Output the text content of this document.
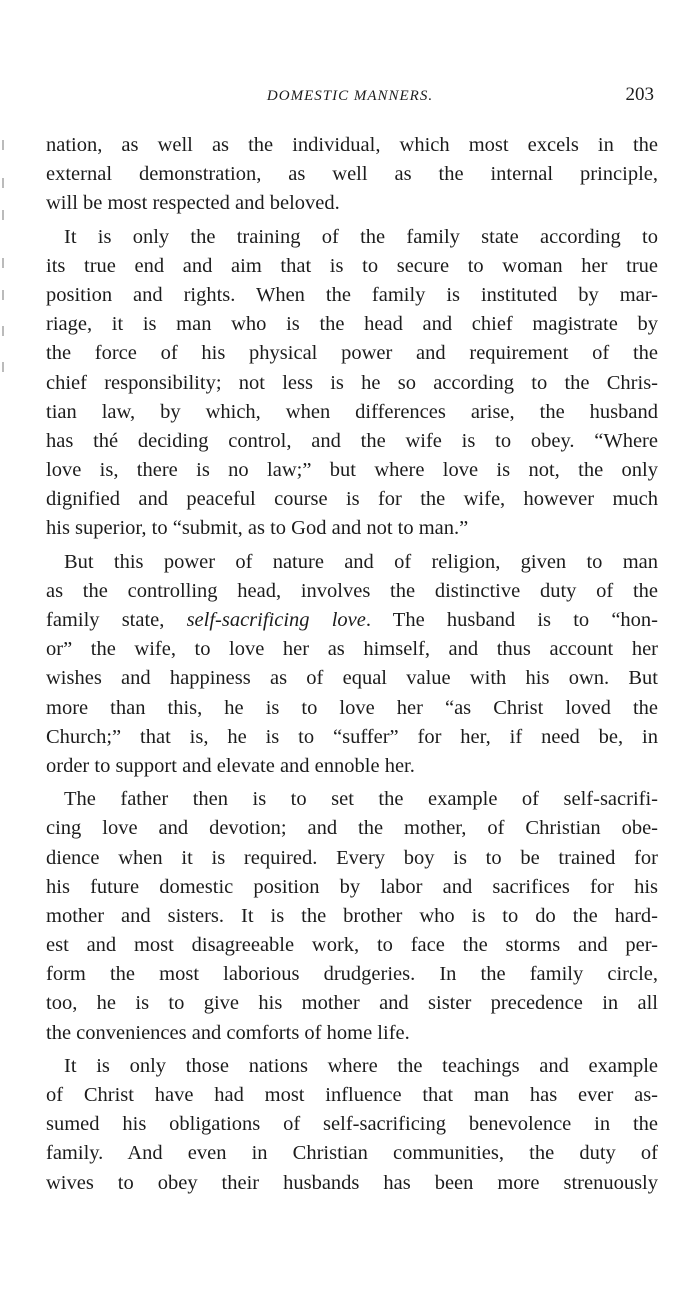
DOMESTIC MANNERS.	203
nation, as well as the individual, which most excels in the
external demonstration, as well as the internal principle,
will be most respected and beloved.
It is only the training of the family state according to
its true end and aim that is to secure to woman her true
position and rights. When the family is instituted by mar-
riage, it is man who is the head and chief magistrate by
the force of his physical power and requirement of the
chief responsibility; not less is he so according to the Chris-
tian law, by which, when differences arise, the husband
has thé deciding control, and the wife is to obey. “Where
love is, there is no law;” but where love is not, the only
dignified and peaceful course is for the wife, however much
his superior, to “submit, as to God and not to man.”
But this power of nature and of religion, given to man
as the controlling head, involves the distinctive duty of the
family state, self-sacrificing love. The husband is to “hon-
or” the wife, to love her as himself, and thus account her
wishes and happiness as of equal value with his own. But
more than this, he is to love her “as Christ loved the
Church;” that is, he is to “suffer” for her, if need be, in
order to support and elevate and ennoble her.
The father then is to set the example of self-sacrifi-
cing love and devotion; and the mother, of Christian obe-
dience when it is required. Every boy is to be trained for
his future domestic position by labor and sacrifices for his
mother and sisters. It is the brother who is to do the hard-
est and most disagreeable work, to face the storms and per-
form the most laborious drudgeries. In the family circle,
too, he is to give his mother and sister precedence in all
the conveniences and comforts of home life.
It is only those nations where the teachings and example
of Christ have had most influence that man has ever as-
sumed his obligations of self-sacrificing benevolence in the
family. And even in Christian communities, the duty of
wives to obey their husbands has been more strenuously
